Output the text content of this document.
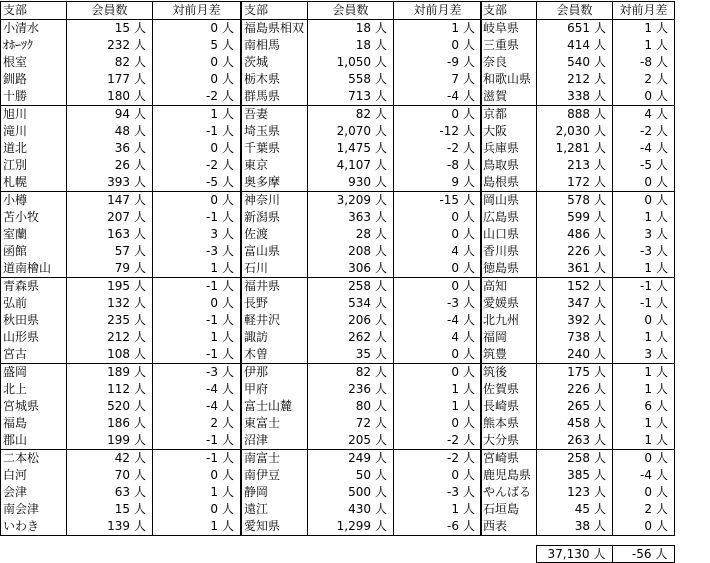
支部	会員数	対前月差
小清水	15 人	0 人
ｵﾎｰﾂｸ	232 人	5 人
根室	82 人	0 人
釧路	177 人	0 人
十勝	180 人	-2 人
旭川	94 人	1 人
滝川	48 人	-1 人
道北	36 人	0 人
江別	26 人	-2 人
札幌	393 人	-5 人
小樽	147 人	0 人
苫小牧	207 人	-1 人
室蘭	163 人	3 人
函館	57 人	-3 人
道南檜山	79 人	1 人
青森県	195 人	-1 人
弘前	132 人	0 人
秋田県	235 人	-1 人
山形県	212 人	1 人
宮古	108 人	-1 人
盛岡	189 人	-3 人
北上	112 人	-4 人
宮城県	520 人	-4 人
福島	186 人	2 人
郡山	199 人	-1 人
二本松	42 人	-1 人
白河	70 人	0 人
会津	63 人	1 人
南会津	15 人	0 人
いわき	139 人	1 人
支部	会員数	対前月差
福島県相双	18 人	1 人
南相馬	18 人	0 人
茨城	1,050 人	-9 人
栃木県	558 人	7 人
群馬県	713 人	-4 人
吾妻	82 人	0 人
埼玉県	2,070 人	-12 人
千葉県	1,475 人	-2 人
東京	4,107 人	-8 人
奥多摩	930 人	9 人
神奈川	3,209 人	-15 人
新潟県	363 人	0 人
佐渡	28 人	0 人
富山県	208 人	4 人
石川	306 人	0 人
福井県	258 人	0 人
長野	534 人	-3 人
軽井沢	206 人	-4 人
諏訪	262 人	4 人
木曽	35 人	0 人
伊那	82 人	0 人
甲府	236 人	1 人
富士山麓	80 人	1 人
東富士	72 人	0 人
沼津	205 人	-2 人
南富士	249 人	-2 人
南伊豆	50 人	0 人
静岡	500 人	-3 人
遠江	430 人	1 人
愛知県	1,299 人	-6 人
支部	会員数	対前月差
岐阜県	651 人	1 人
三重県	414 人	1 人
奈良	540 人	-8 人
和歌山県	212 人	2 人
滋賀	338 人	0 人
京都	888 人	4 人
大阪	2,030 人	-2 人
兵庫県	1,281 人	-4 人
鳥取県	213 人	-5 人
島根県	172 人	0 人
岡山県	578 人	0 人
広島県	599 人	1 人
山口県	486 人	3 人
香川県	226 人	-3 人
徳島県	361 人	1 人
高知	152 人	-1 人
愛媛県	347 人	-1 人
北九州	392 人	0 人
福岡	738 人	1 人
筑豊	240 人	3 人
筑後	175 人	1 人
佐賀県	226 人	1 人
長崎県	265 人	6 人
熊本県	458 人	1 人
大分県	263 人	1 人
宮崎県	258 人	0 人
鹿児島県	385 人	-4 人
やんばる	123 人	0 人
石垣島	45 人	2 人
西表	38 人	0 人
	37,130 人	-56 人
